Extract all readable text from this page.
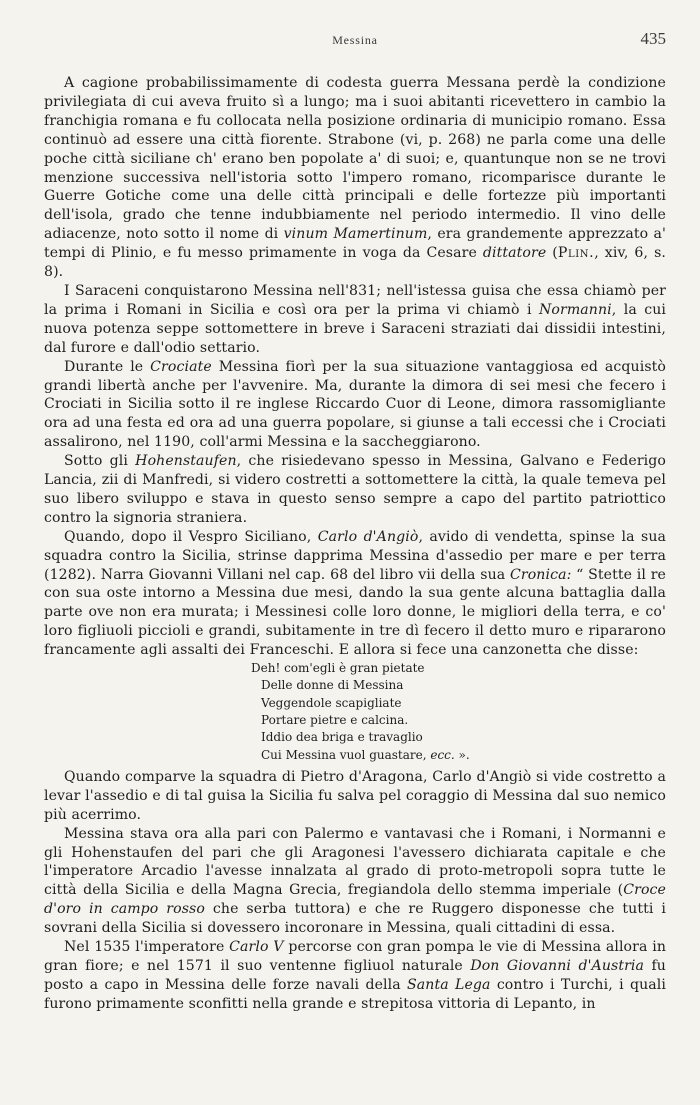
Messina	435

A cagione probabilissimamente di codesta guerra Messana perdè la condizione privilegiata di cui aveva fruito sì a lungo; ma i suoi abitanti ricevettero in cambio la franchigia romana e fu collocata nella posizione ordinaria di municipio romano. Essa continuò ad essere una città fiorente. Strabone (vi, p. 268) ne parla come una delle poche città siciliane ch' erano ben popolate a' di suoi; e, quantunque non se ne trovi menzione successiva nell'istoria sotto l'impero romano, ricomparisce durante le Guerre Gotiche come una delle città principali e delle fortezze più importanti dell'isola, grado che tenne indubbiamente nel periodo intermedio. Il vino delle adiacenze, noto sotto il nome di vinum Mamertinum, era grandemente apprezzato a' tempi di Plinio, e fu messo primamente in voga da Cesare dittatore (Plin., xiv, 6, s. 8).

I Saraceni conquistarono Messina nell'831; nell'istessa guisa che essa chiamò per la prima i Romani in Sicilia e così ora per la prima vi chiamò i Normanni, la cui nuova potenza seppe sottomettere in breve i Saraceni straziati dai dissidii intestini, dal furore e dall'odio settario.

Durante le Crociate Messina fiorì per la sua situazione vantaggiosa ed acquistò grandi libertà anche per l'avvenire. Ma, durante la dimora di sei mesi che fecero i Crociati in Sicilia sotto il re inglese Riccardo Cuor di Leone, dimora rassomigliante ora ad una festa ed ora ad una guerra popolare, si giunse a tali eccessi che i Crociati assalirono, nel 1190, coll'armi Messina e la saccheggiarono.

Sotto gli Hohenstaufen, che risiedevano spesso in Messina, Galvano e Federigo Lancia, zii di Manfredi, si videro costretti a sottomettere la città, la quale temeva pel suo libero sviluppo e stava in questo senso sempre a capo del partito patriottico contro la signoria straniera.

Quando, dopo il Vespro Siciliano, Carlo d'Angiò, avido di vendetta, spinse la sua squadra contro la Sicilia, strinse dapprima Messina d'assedio per mare e per terra (1282). Narra Giovanni Villani nel cap. 68 del libro vii della sua Cronica: “ Stette il re con sua oste intorno a Messina due mesi, dando la sua gente alcuna battaglia dalla parte ove non era murata; i Messinesi colle loro donne, le migliori della terra, e co' loro figliuoli piccioli e grandi, subitamente in tre dì fecero il detto muro e ripararono francamente agli assalti dei Franceschi. E allora si fece una canzonetta che disse:

Deh! com'egli è gran pietate
Delle donne di Messina
Veggendole scapigliate
Portare pietre e calcina.
Iddio dea briga e travaglio
Cui Messina vuol guastare, ecc. ».

Quando comparve la squadra di Pietro d'Aragona, Carlo d'Angiò si vide costretto a levar l'assedio e di tal guisa la Sicilia fu salva pel coraggio di Messina dal suo nemico più acerrimo.

Messina stava ora alla pari con Palermo e vantavasi che i Romani, i Normanni e gli Hohenstaufen del pari che gli Aragonesi l'avessero dichiarata capitale e che l'imperatore Arcadio l'avesse innalzata al grado di proto-metropoli sopra tutte le città della Sicilia e della Magna Grecia, fregiandola dello stemma imperiale (Croce d'oro in campo rosso che serba tuttora) e che re Ruggero disponesse che tutti i sovrani della Sicilia si dovessero incoronare in Messina, quali cittadini di essa.

Nel 1535 l'imperatore Carlo V percorse con gran pompa le vie di Messina allora in gran fiore; e nel 1571 il suo ventenne figliuol naturale Don Giovanni d'Austria fu posto a capo in Messina delle forze navali della Santa Lega contro i Turchi, i quali furono primamente sconfitti nella grande e strepitosa vittoria di Lepanto, in
